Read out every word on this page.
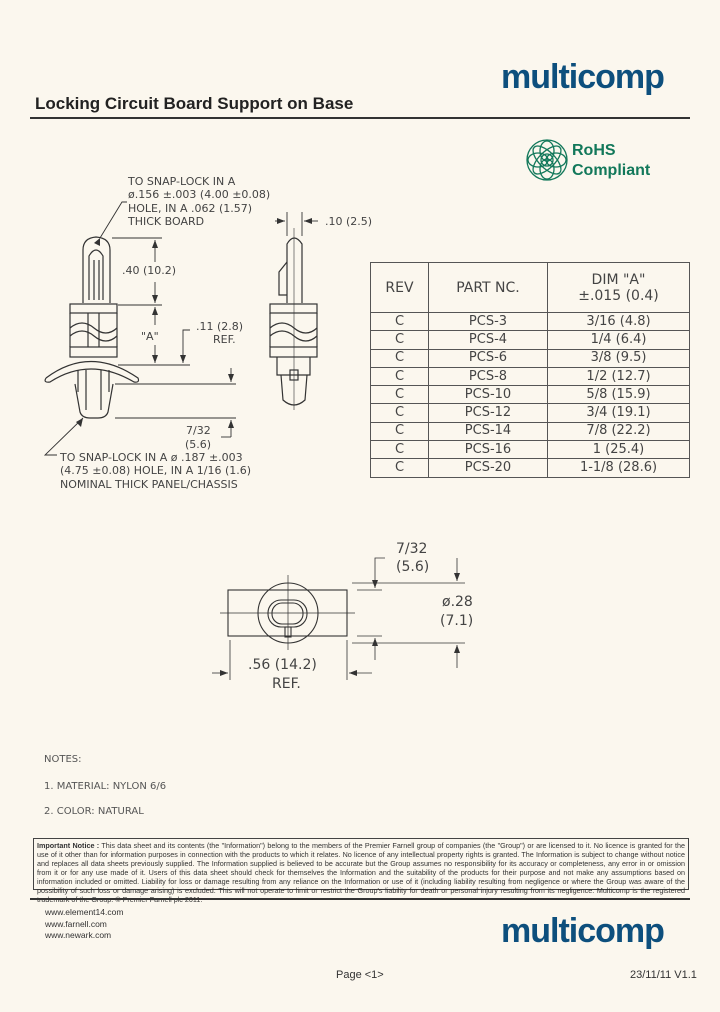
multicomp
Locking Circuit Board Support on Base
RoHS
Compliant
TO SNAP-LOCK IN A
ø.156 ±.003 (4.00 ±0.08)
HOLE, IN A .062 (1.57)
THICK BOARD
.40 (10.2)
"A"
.11 (2.8)
REF.
.10 (2.5)
7/32
(5.6)
TO SNAP-LOCK IN A ø .187 ±.003
(4.75 ±0.08) HOLE, IN A 1/16 (1.6)
NOMINAL THICK PANEL/CHASSIS
7/32
(5.6)
ø.28
(7.1)
.56 (14.2)
REF.
REV	PART NC.	DIM "A"
±.015 (0.4)

C	PCS-3	3/16 (4.8)
C	PCS-4	1/4 (6.4)
C	PCS-6	3/8 (9.5)
C	PCS-8	1/2 (12.7)
C	PCS-10	5/8 (15.9)
C	PCS-12	3/4 (19.1)
C	PCS-14	7/8 (22.2)
C	PCS-16	1 (25.4)
C	PCS-20	1-1/8 (28.6)
NOTES:
1. MATERIAL: NYLON 6/6
2. COLOR: NATURAL
Important Notice : This data sheet and its contents (the "Information") belong to the members of the Premier Farnell group of companies (the "Group") or are licensed to it. No licence is granted for the use of it other than for information purposes in connection with the products to which it relates. No licence of any intellectual property rights is granted. The Information is subject to change without notice and replaces all data sheets previously supplied. The Information supplied is believed to be accurate but the Group assumes no responsibility for its accuracy or completeness, any error in or omission from it or for any use made of it. Users of this data sheet should check for themselves the Information and the suitability of the products for their purpose and not make any assumptions based on information included or omitted. Liability for loss or damage resulting from any reliance on the Information or use of it (including liability resulting from negligence or where the Group was aware of the possibility of such loss or damage arising) is excluded. This will not operate to limit or restrict the Group's liability for death or personal injury resulting from its negligence. Multicomp is the registered
www.element14.com
www.farnell.com
www.newark.com	multicomp
Page <1>	23/11/11 V1.1
